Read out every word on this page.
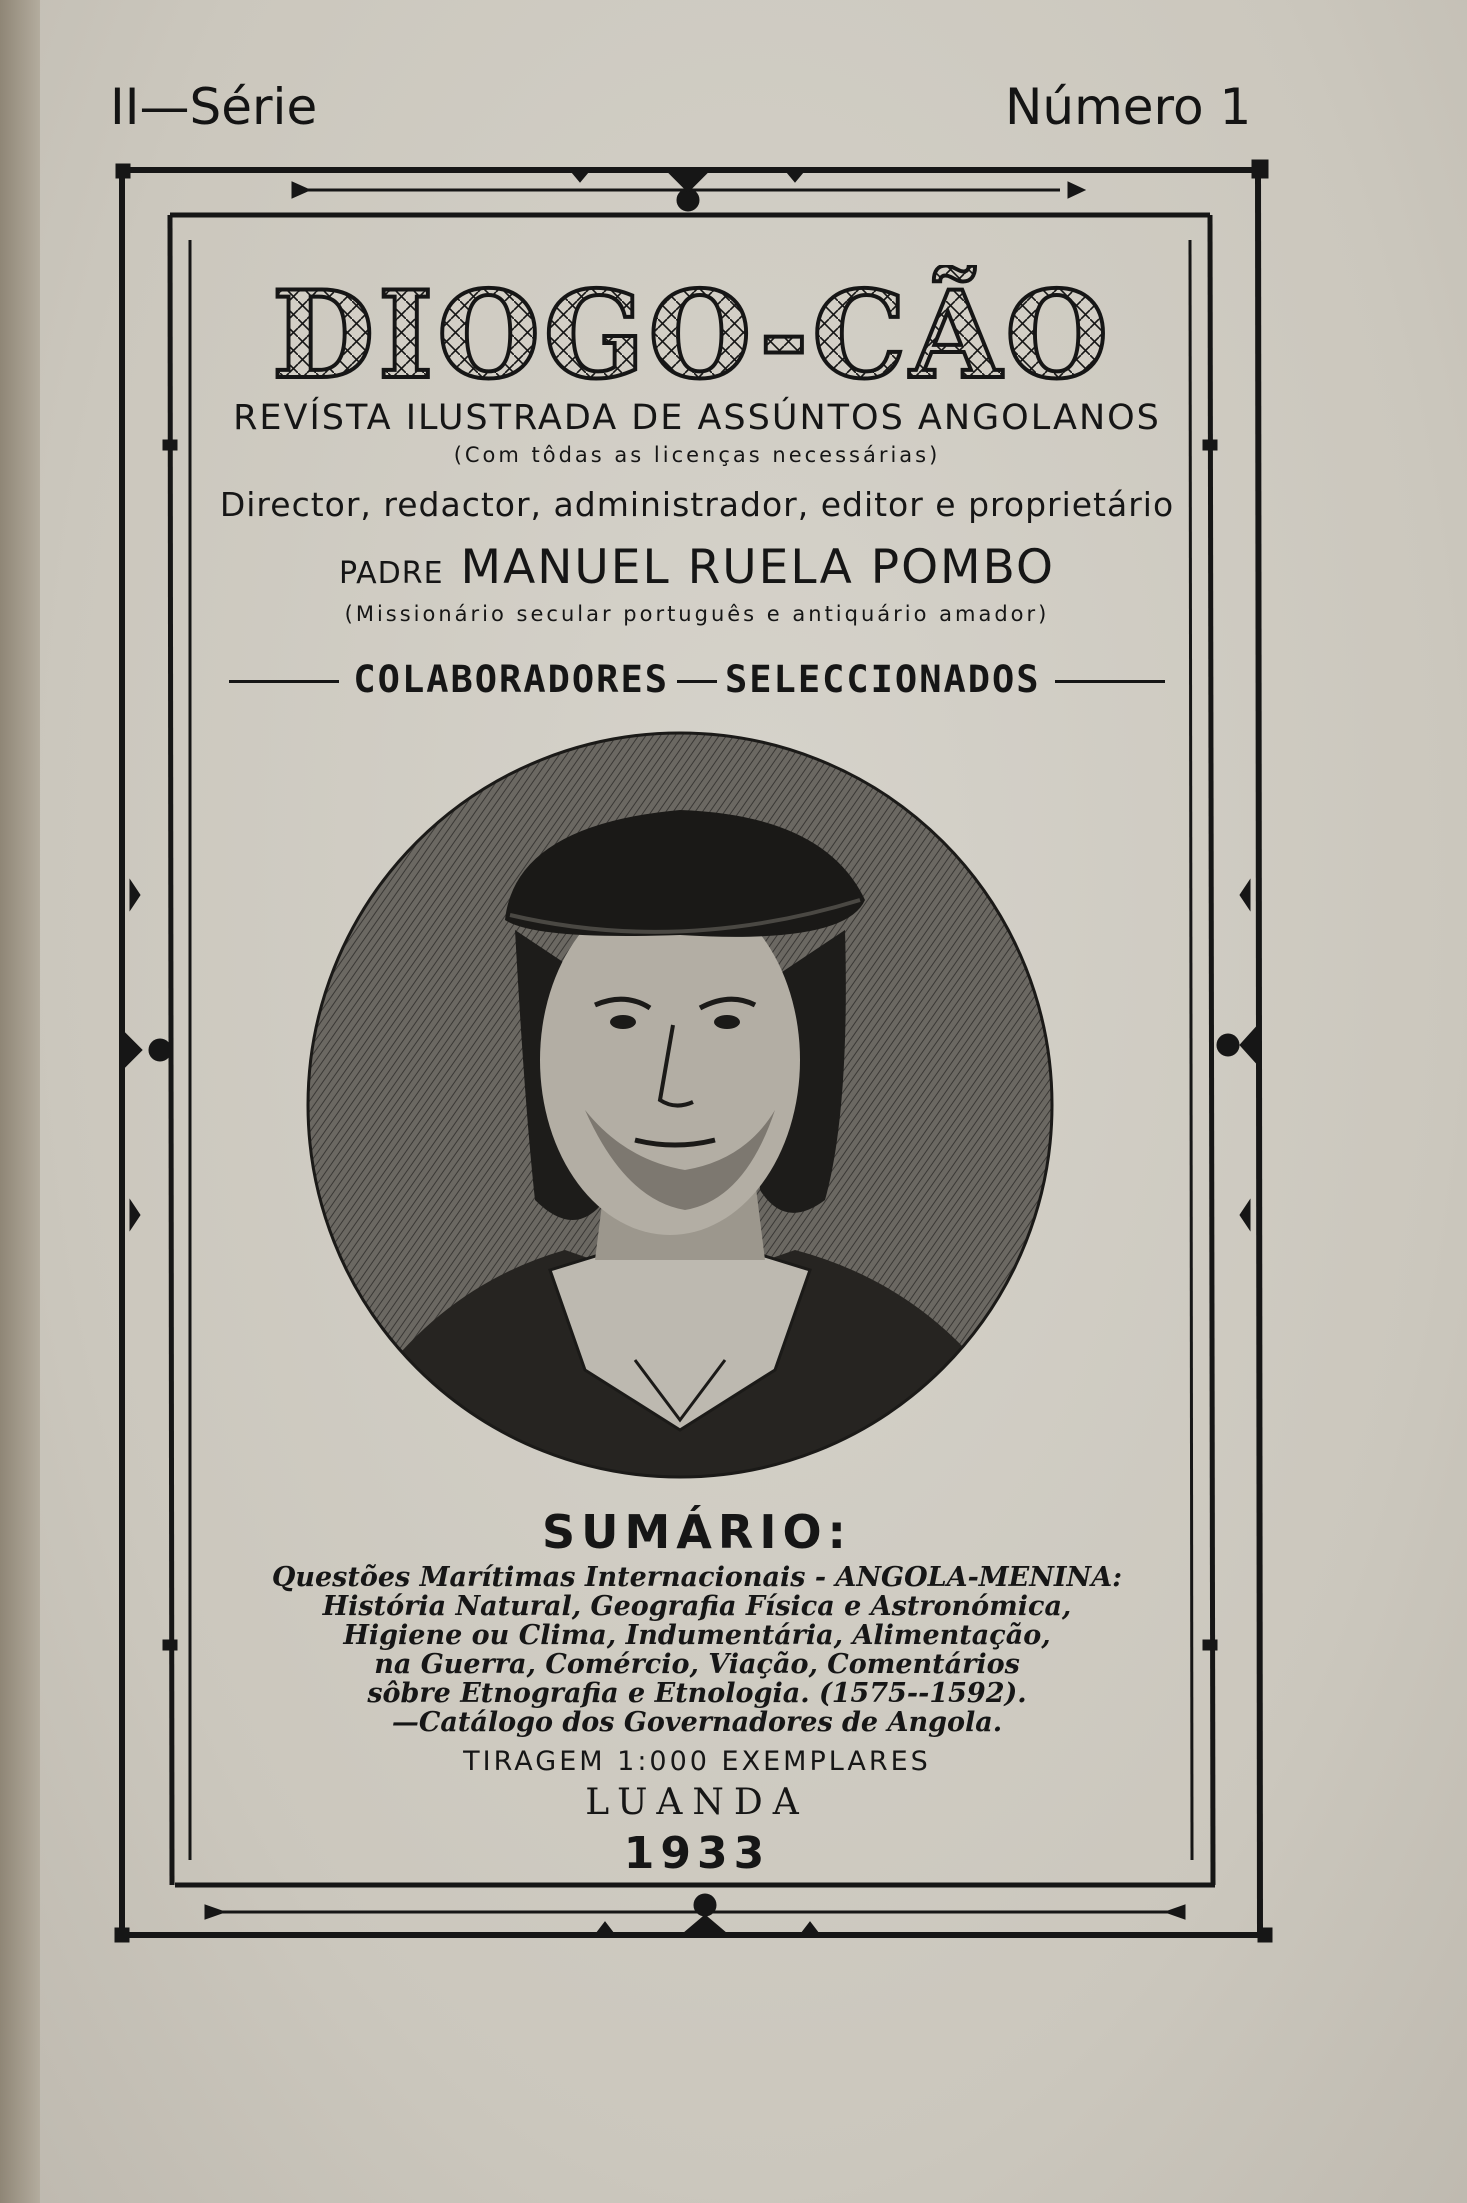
II—Série	Número 1
DIOGO-CÃO
REVÍSTA ILUSTRADA DE ASSÚNTOS ANGOLANOS
(Com tôdas as licenças necessárias)
Director, redactor, administrador, editor e proprietário
PADRE MANUEL RUELA POMBO
(Missionário secular português e antiquário amador)
COLABORADORES SELECCIONADOS
SUMÁRIO:
Questões Marítimas Internacionais - ANGOLA-MENINA:
História Natural, Geografia Física e Astronómica,
Higiene ou Clima, Indumentária, Alimentação,
na Guerra, Comércio, Viação, Comentários
sôbre Etnografia e Etnologia. (1575--1592).
—Catálogo dos Governadores de Angola.
TIRAGEM 1:000 EXEMPLARES
LUANDA
1933
